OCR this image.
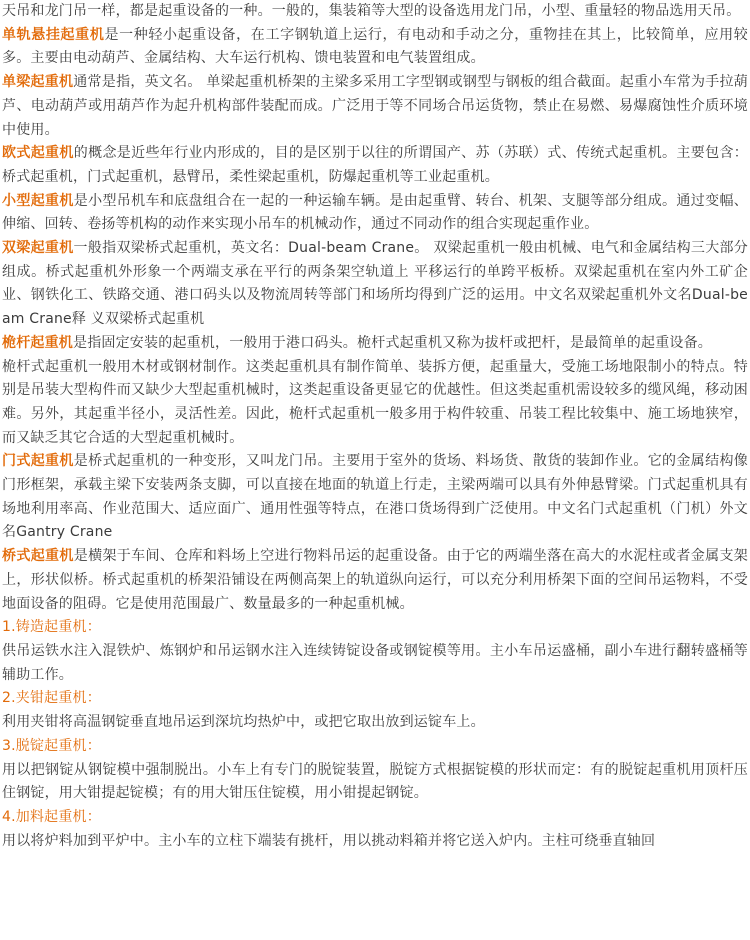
天吊和龙门吊一样，都是起重设备的一种。一般的，集装箱等大型的设备选用龙门吊，小型、重量轻的物品选用天吊。

单轨悬挂起重机是一种轻小起重设备，在工字钢轨道上运行，有电动和手动之分，重物挂在其上，比较简单，应用较多。主要由电动葫芦、金属结构、大车运行机构、馈电装置和电气装置组成。

单梁起重机通常是指，英文名。 单梁起重机桥架的主梁多采用工字型钢或钢型与钢板的组合截面。起重小车常为手拉葫芦、电动葫芦或用葫芦作为起升机构部件装配而成。广泛用于等不同场合吊运货物，禁止在易燃、易爆腐蚀性介质环境中使用。

欧式起重机的概念是近些年行业内形成的，目的是区别于以往的所谓国产、苏（苏联）式、传统式起重机。主要包含：桥式起重机，门式起重机，悬臂吊，柔性梁起重机，防爆起重机等工业起重机。

小型起重机是小型吊机车和底盘组合在一起的一种运输车辆。是由起重臂、转台、机架、支腿等部分组成。通过变幅、伸缩、回转、卷扬等机构的动作来实现小吊车的机械动作，通过不同动作的组合实现起重作业。

双梁起重机一般指双梁桥式起重机，英文名：Dual-beam Crane。 双梁起重机一般由机械、电气和金属结构三大部分组成。桥式起重机外形象一个两端支承在平行的两条架空轨道上 平移运行的单跨平板桥。双梁起重机在室内外工矿企业、钢铁化工、铁路交通、港口码头以及物流周转等部门和场所均得到广泛的运用。中文名双梁起重机外文名Dual-beam Crane释 义双梁桥式起重机

桅杆起重机是指固定安装的起重机，一般用于港口码头。桅杆式起重机又称为拔杆或把杆，是最简单的起重设备。

桅杆式起重机一般用木材或钢材制作。这类起重机具有制作简单、装拆方便，起重量大，受施工场地限制小的特点。特别是吊装大型构件而又缺少大型起重机械时，这类起重设备更显它的优越性。但这类起重机需设较多的缆风绳，移动困难。另外，其起重半径小，灵活性差。因此，桅杆式起重机一般多用于构件较重、吊装工程比较集中、施工场地狭窄，而又缺乏其它合适的大型起重机械时。

门式起重机是桥式起重机的一种变形，又叫龙门吊。主要用于室外的货场、料场货、散货的装卸作业。它的金属结构像门形框架，承载主梁下安装两条支脚，可以直接在地面的轨道上行走，主梁两端可以具有外伸悬臂梁。门式起重机具有场地利用率高、作业范围大、适应面广、通用性强等特点，在港口货场得到广泛使用。中文名门式起重机（门机）外文名Gantry Crane

桥式起重机是横架于车间、仓库和料场上空进行物料吊运的起重设备。由于它的两端坐落在高大的水泥柱或者金属支架上，形状似桥。桥式起重机的桥架沿铺设在两侧高架上的轨道纵向运行，可以充分利用桥架下面的空间吊运物料，不受地面设备的阻碍。它是使用范围最广、数量最多的一种起重机械。

1.铸造起重机：

供吊运铁水注入混铁炉、炼钢炉和吊运钢水注入连续铸锭设备或钢锭模等用。主小车吊运盛桶，副小车进行翻转盛桶等辅助工作。

2.夹钳起重机：

利用夹钳将高温钢锭垂直地吊运到深坑均热炉中，或把它取出放到运锭车上。

3.脱锭起重机：

用以把钢锭从钢锭模中强制脱出。小车上有专门的脱锭装置，脱锭方式根据锭模的形状而定：有的脱锭起重机用顶杆压住钢锭，用大钳提起锭模；有的用大钳压住锭模，用小钳提起钢锭。

4.加料起重机：

用以将炉料加到平炉中。主小车的立柱下端装有挑杆，用以挑动料箱并将它送入炉内。主柱可绕垂直轴回
